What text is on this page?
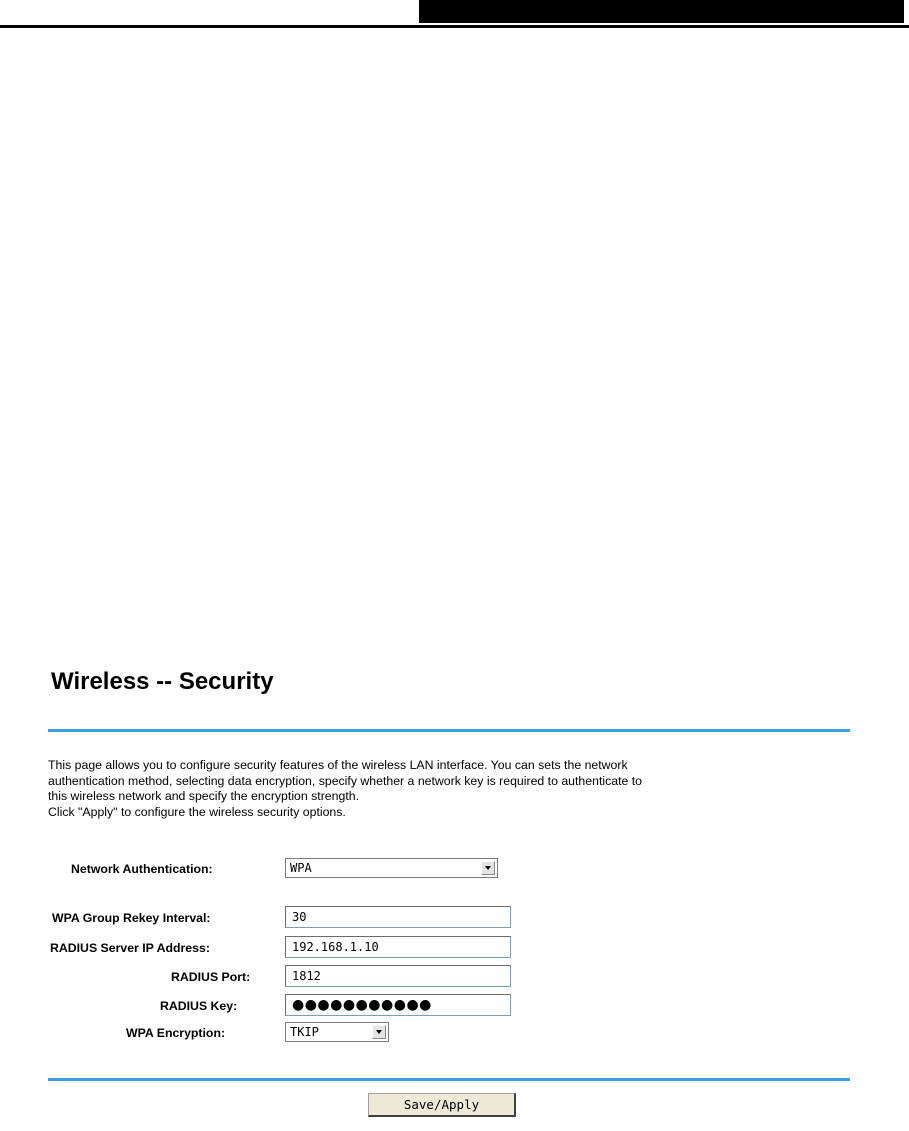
Wireless -- Security

This page allows you to configure security features of the wireless LAN interface. You can sets the network

authentication method, selecting data encryption, specify whether a network key is required to authenticate to

this wireless network and specify the encryption strength.

Click "Apply" to configure the wireless security options.

Network Authentication:	WPA
WPA Group Rekey Interval:	30
RADIUS Server IP Address:	192.168.1.10
RADIUS Port:	1812
RADIUS Key:	●●●●●●●●●●●
WPA Encryption:	TKIP
Save/Apply
